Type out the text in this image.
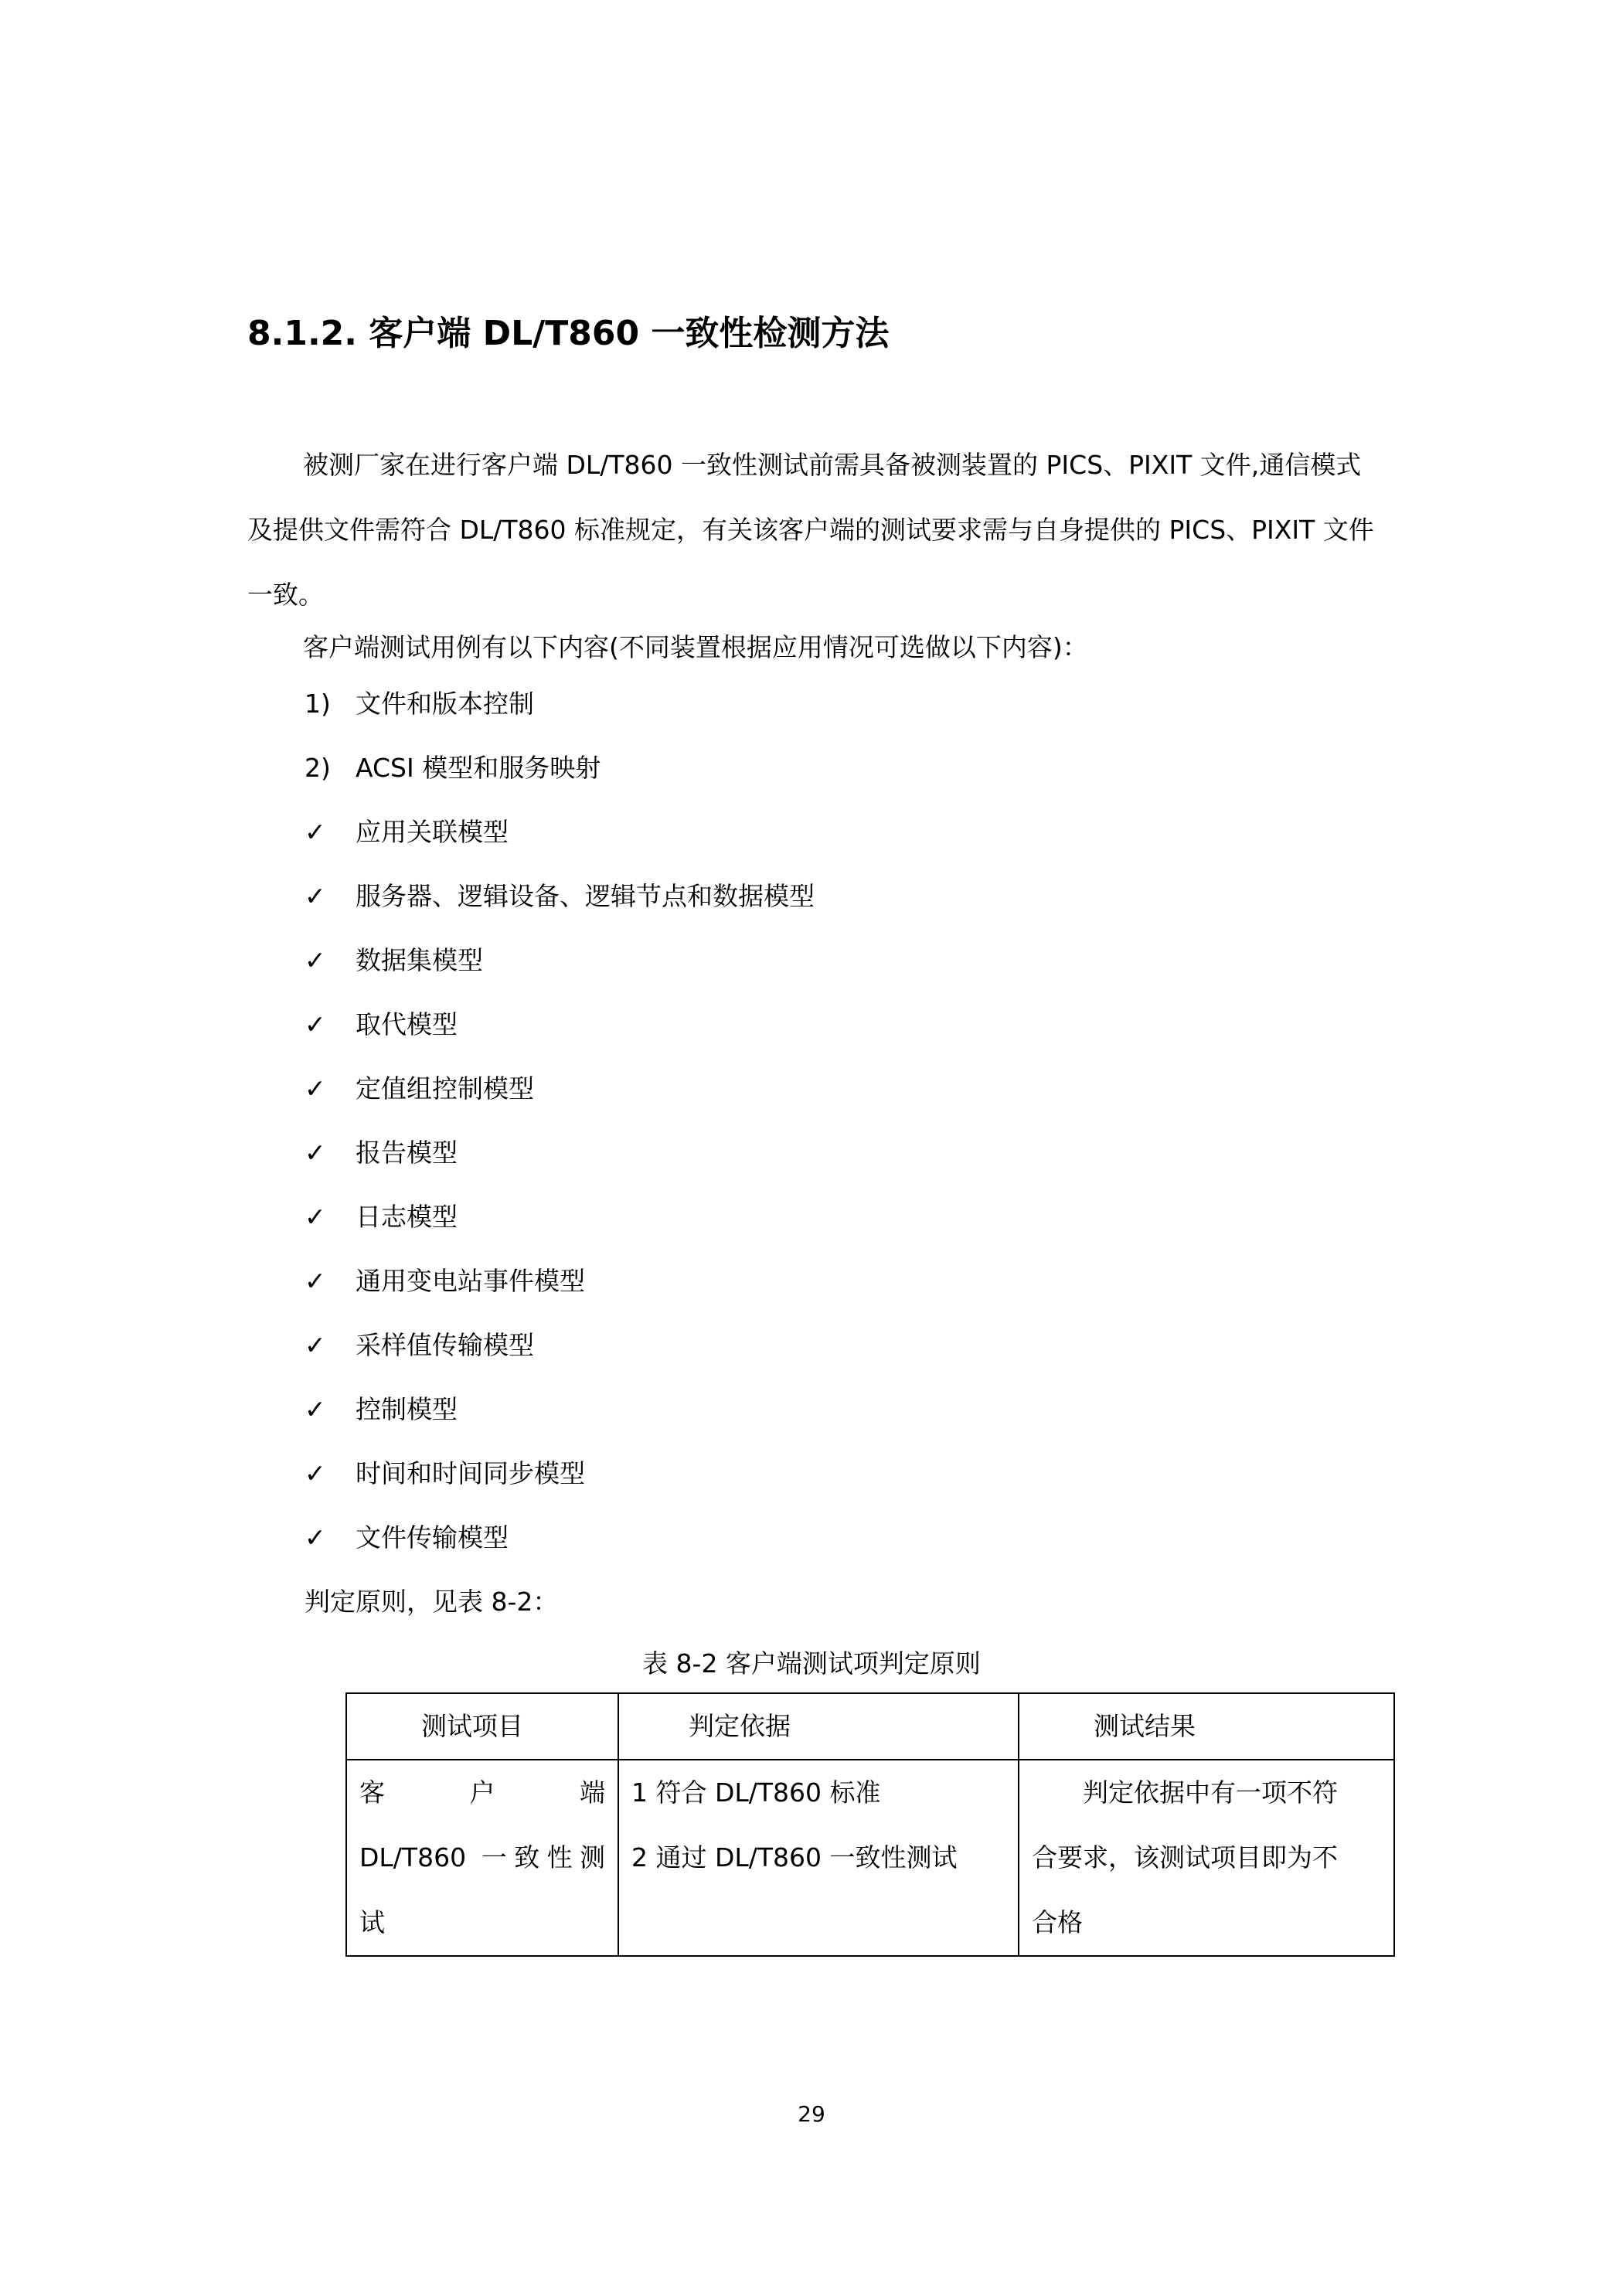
8.1.2. 客户端 DL/T860 一致性检测方法

被测厂家在进行客户端 DL/T860 一致性测试前需具备被测装置的 PICS、PIXIT 文件,通信模式及提供文件需符合 DL/T860 标准规定，有关该客户端的测试要求需与自身提供的 PICS、PIXIT 文件一致。

客户端测试用例有以下内容(不同装置根据应用情况可选做以下内容)：

1) 文件和版本控制
2) ACSI 模型和服务映射
✓ 应用关联模型
✓ 服务器、逻辑设备、逻辑节点和数据模型
✓ 数据集模型
✓ 取代模型
✓ 定值组控制模型
✓ 报告模型
✓ 日志模型
✓ 通用变电站事件模型
✓ 采样值传输模型
✓ 控制模型
✓ 时间和时间同步模型
✓ 文件传输模型
判定原则，见表 8-2：
表 8-2 客户端测试项判定原则
测试项目	判定依据	测试结果

客户端
DL/T860 一致性测
试	1 符合 DL/T860 标准
2 通过 DL/T860 一致性测试	判定依据中有一项不符
合要求，该测试项目即为不
合格
29
